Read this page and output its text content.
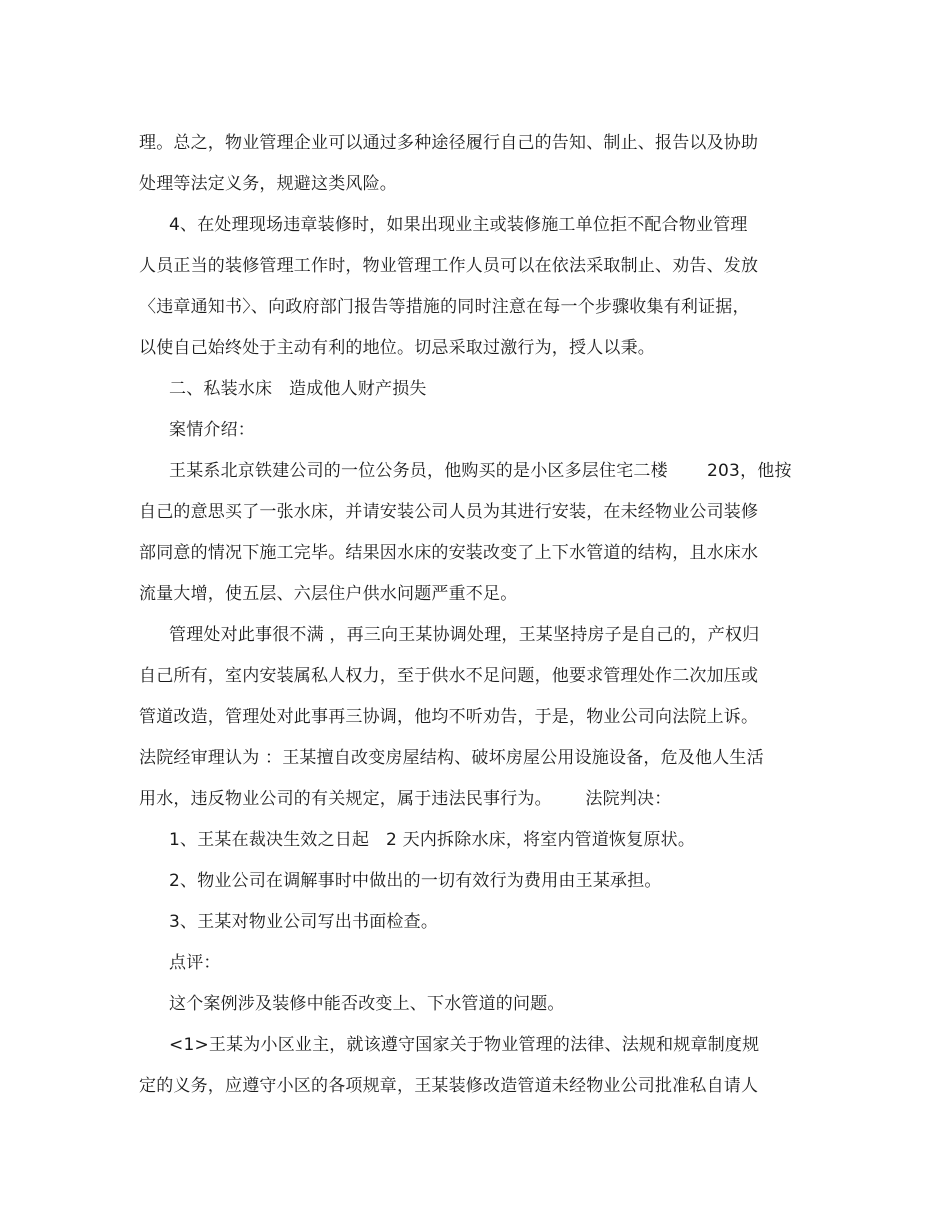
理。总之，物业管理企业可以通过多种途径履行自己的告知、制止、报告以及协助
处理等法定义务，规避这类风险。
4、在处理现场违章装修时，如果出现业主或装修施工单位拒不配合物业管理
人员正当的装修管理工作时，物业管理工作人员可以在依法采取制止、劝告、发放
〈违章通知书〉、向政府部门报告等措施的同时注意在每一个步骤收集有利证据，
以使自己始终处于主动有利的地位。切忌采取过激行为，授人以秉。
二、私装水床   造成他人财产损失
案情介绍：
王某系北京铁建公司的一位公务员，他购买的是小区多层住宅二楼       203，他按
自己的意思买了一张水床，并请安装公司人员为其进行安装，在未经物业公司装修
部同意的情况下施工完毕。结果因水床的安装改变了上下水管道的结构，且水床水
流量大增，使五层、六层住户供水问题严重不足。
管理处对此事很不满 ，再三向王某协调处理，王某坚持房子是自己的，产权归
自己所有，室内安装属私人权力，至于供水不足问题，他要求管理处作二次加压或
管道改造，管理处对此事再三协调，他均不听劝告，于是，物业公司向法院上诉。
法院经审理认为 ：王某擅自改变房屋结构、破坏房屋公用设施设备，危及他人生活
用水，违反物业公司的有关规定，属于违法民事行为。      法院判决：
1、王某在裁决生效之日起   2 天内拆除水床，将室内管道恢复原状。
2、物业公司在调解事时中做出的一切有效行为费用由王某承担。
3、王某对物业公司写出书面检查。
点评：
这个案例涉及装修中能否改变上、下水管道的问题。
<1>王某为小区业主，就该遵守国家关于物业管理的法律、法规和规章制度规
定的义务，应遵守小区的各项规章，王某装修改造管道未经物业公司批准私自请人
